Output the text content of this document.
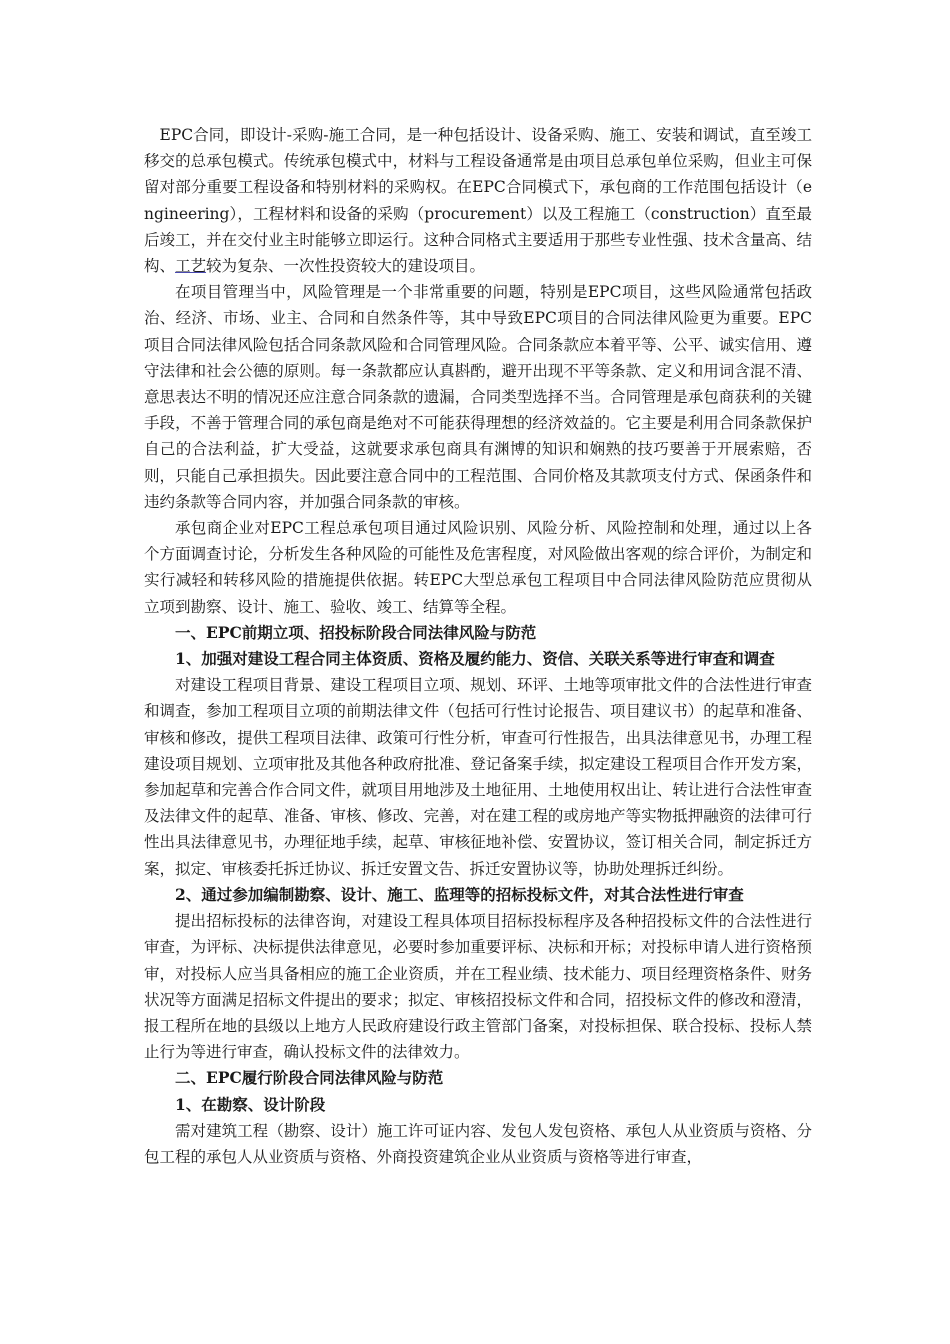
EPC合同，即设计-采购-施工合同，是一种包括设计、设备采购、施工、安装和调试，直至竣工移交的总承包模式。传统承包模式中，材料与工程设备通常是由项目总承包单位采购，但业主可保留对部分重要工程设备和特别材料的采购权。在EPC合同模式下，承包商的工作范围包括设计（engineering），工程材料和设备的采购（procurement）以及工程施工（construction）直至最后竣工，并在交付业主时能够立即运行。这种合同格式主要适用于那些专业性强、技术含量高、结构、工艺较为复杂、一次性投资较大的建设项目。

在项目管理当中，风险管理是一个非常重要的问题，特别是EPC项目，这些风险通常包括政治、经济、市场、业主、合同和自然条件等，其中导致EPC项目的合同法律风险更为重要。EPC项目合同法律风险包括合同条款风险和合同管理风险。合同条款应本着平等、公平、诚实信用、遵守法律和社会公德的原则。每一条款都应认真斟酌，避开出现不平等条款、定义和用词含混不清、意思表达不明的情况还应注意合同条款的遗漏，合同类型选择不当。合同管理是承包商获利的关键手段，不善于管理合同的承包商是绝对不可能获得理想的经济效益的。它主要是利用合同条款保护自己的合法利益，扩大受益，这就要求承包商具有渊博的知识和娴熟的技巧要善于开展索赔，否则，只能自己承担损失。因此要注意合同中的工程范围、合同价格及其款项支付方式、保函条件和违约条款等合同内容，并加强合同条款的审核。

承包商企业对EPC工程总承包项目通过风险识别、风险分析、风险控制和处理，通过以上各个方面调查讨论，分析发生各种风险的可能性及危害程度，对风险做出客观的综合评价，为制定和实行减轻和转移风险的措施提供依据。转EPC大型总承包工程项目中合同法律风险防范应贯彻从立项到勘察、设计、施工、验收、竣工、结算等全程。

一、EPC前期立项、招投标阶段合同法律风险与防范

1、加强对建设工程合同主体资质、资格及履约能力、资信、关联关系等进行审查和调查

对建设工程项目背景、建设工程项目立项、规划、环评、土地等项审批文件的合法性进行审查和调查，参加工程项目立项的前期法律文件（包括可行性讨论报告、项目建议书）的起草和准备、审核和修改，提供工程项目法律、政策可行性分析，审查可行性报告，出具法律意见书，办理工程建设项目规划、立项审批及其他各种政府批准、登记备案手续，拟定建设工程项目合作开发方案，参加起草和完善合作合同文件，就项目用地涉及土地征用、土地使用权出让、转让进行合法性审查及法律文件的起草、准备、审核、修改、完善，对在建工程的或房地产等实物抵押融资的法律可行性出具法律意见书，办理征地手续，起草、审核征地补偿、安置协议，签订相关合同，制定拆迁方案，拟定、审核委托拆迁协议、拆迁安置文告、拆迁安置协议等，协助处理拆迁纠纷。

2、通过参加编制勘察、设计、施工、监理等的招标投标文件，对其合法性进行审查

提出招标投标的法律咨询，对建设工程具体项目招标投标程序及各种招投标文件的合法性进行审查，为评标、决标提供法律意见，必要时参加重要评标、决标和开标；对投标申请人进行资格预审，对投标人应当具备相应的施工企业资质，并在工程业绩、技术能力、项目经理资格条件、财务状况等方面满足招标文件提出的要求；拟定、审核招投标文件和合同，招投标文件的修改和澄清，报工程所在地的县级以上地方人民政府建设行政主管部门备案，对投标担保、联合投标、投标人禁止行为等进行审查，确认投标文件的法律效力。

二、EPC履行阶段合同法律风险与防范

1、在勘察、设计阶段

需对建筑工程（勘察、设计）施工许可证内容、发包人发包资格、承包人从业资质与资格、分包工程的承包人从业资质与资格、外商投资建筑企业从业资质与资格等进行审查，
